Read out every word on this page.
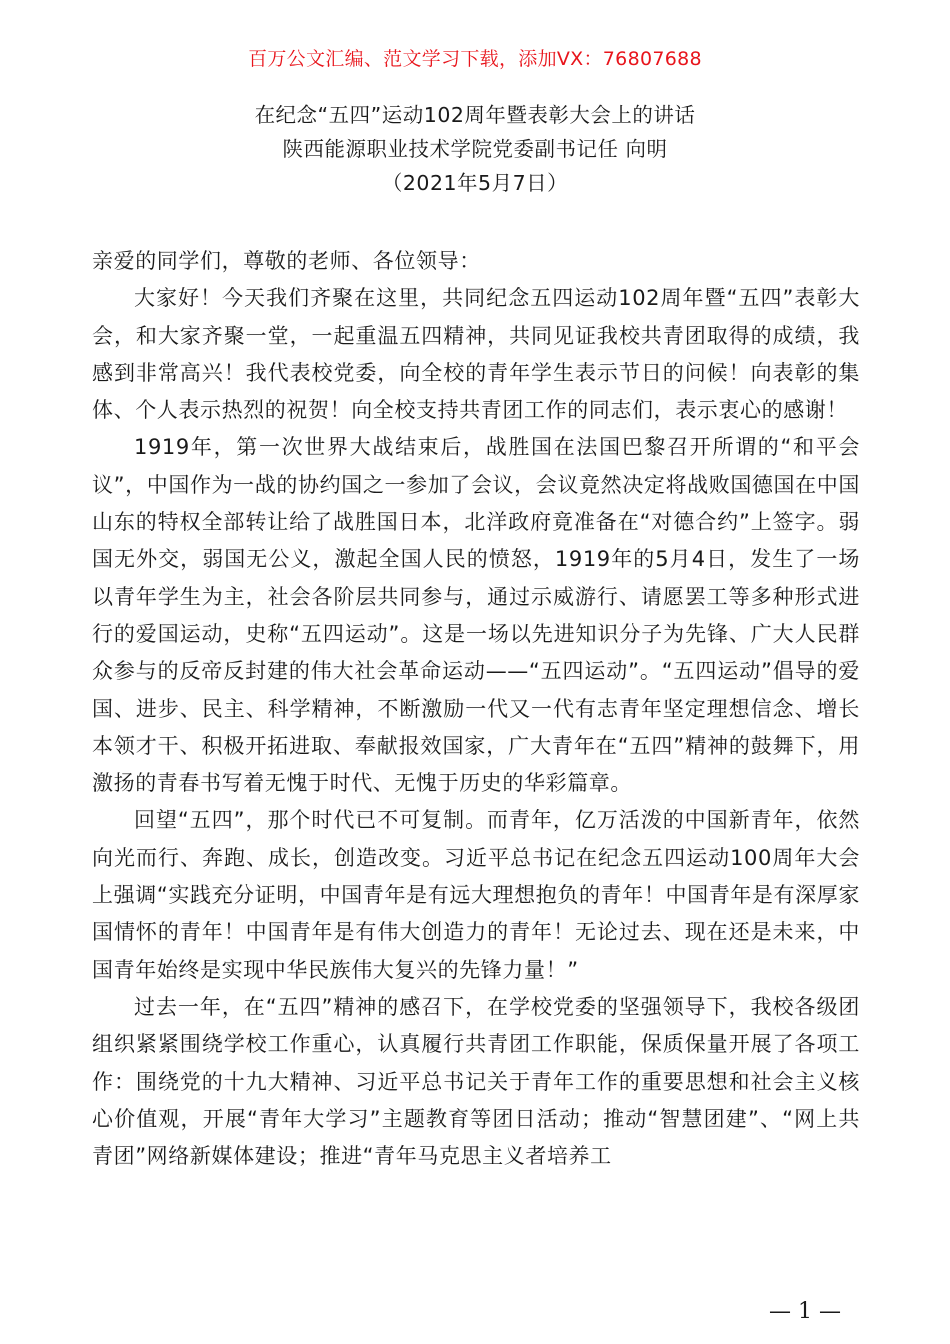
百万公文汇编、范文学习下载，添加VX：76807688
在纪念“五四”运动102周年暨表彰大会上的讲话
陕西能源职业技术学院党委副书记任 向明
（2021年5月7日）

亲爱的同学们，尊敬的老师、各位领导：

大家好！今天我们齐聚在这里，共同纪念五四运动102周年暨“五四”表彰大会，和大家齐聚一堂，一起重温五四精神，共同见证我校共青团取得的成绩，我感到非常高兴！我代表校党委，向全校的青年学生表示节日的问候！向表彰的集体、个人表示热烈的祝贺！向全校支持共青团工作的同志们，表示衷心的感谢！

1919年，第一次世界大战结束后，战胜国在法国巴黎召开所谓的“和平会议”，中国作为一战的协约国之一参加了会议，会议竟然决定将战败国德国在中国山东的特权全部转让给了战胜国日本，北洋政府竟准备在“对德合约”上签字。弱国无外交，弱国无公义，激起全国人民的愤怒，1919年的5月4日，发生了一场以青年学生为主，社会各阶层共同参与，通过示威游行、请愿罢工等多种形式进行的爱国运动，史称“五四运动”。这是一场以先进知识分子为先锋、广大人民群众参与的反帝反封建的伟大社会革命运动——“五四运动”。“五四运动”倡导的爱国、进步、民主、科学精神，不断激励一代又一代有志青年坚定理想信念、增长本领才干、积极开拓进取、奉献报效国家，广大青年在“五四”精神的鼓舞下，用激扬的青春书写着无愧于时代、无愧于历史的华彩篇章。

回望“五四”，那个时代已不可复制。而青年，亿万活泼的中国新青年，依然向光而行、奔跑、成长，创造改变。习近平总书记在纪念五四运动100周年大会上强调“实践充分证明，中国青年是有远大理想抱负的青年！中国青年是有深厚家国情怀的青年！中国青年是有伟大创造力的青年！无论过去、现在还是未来，中国青年始终是实现中华民族伟大复兴的先锋力量！”

过去一年，在“五四”精神的感召下，在学校党委的坚强领导下，我校各级团组织紧紧围绕学校工作重心，认真履行共青团工作职能，保质保量开展了各项工作：围绕党的十九大精神、习近平总书记关于青年工作的重要思想和社会主义核心价值观，开展“青年大学习”主题教育等团日活动；推动“智慧团建”、“网上共青团”网络新媒体建设；推进“青年马克思主义者培养工

— 1 —
